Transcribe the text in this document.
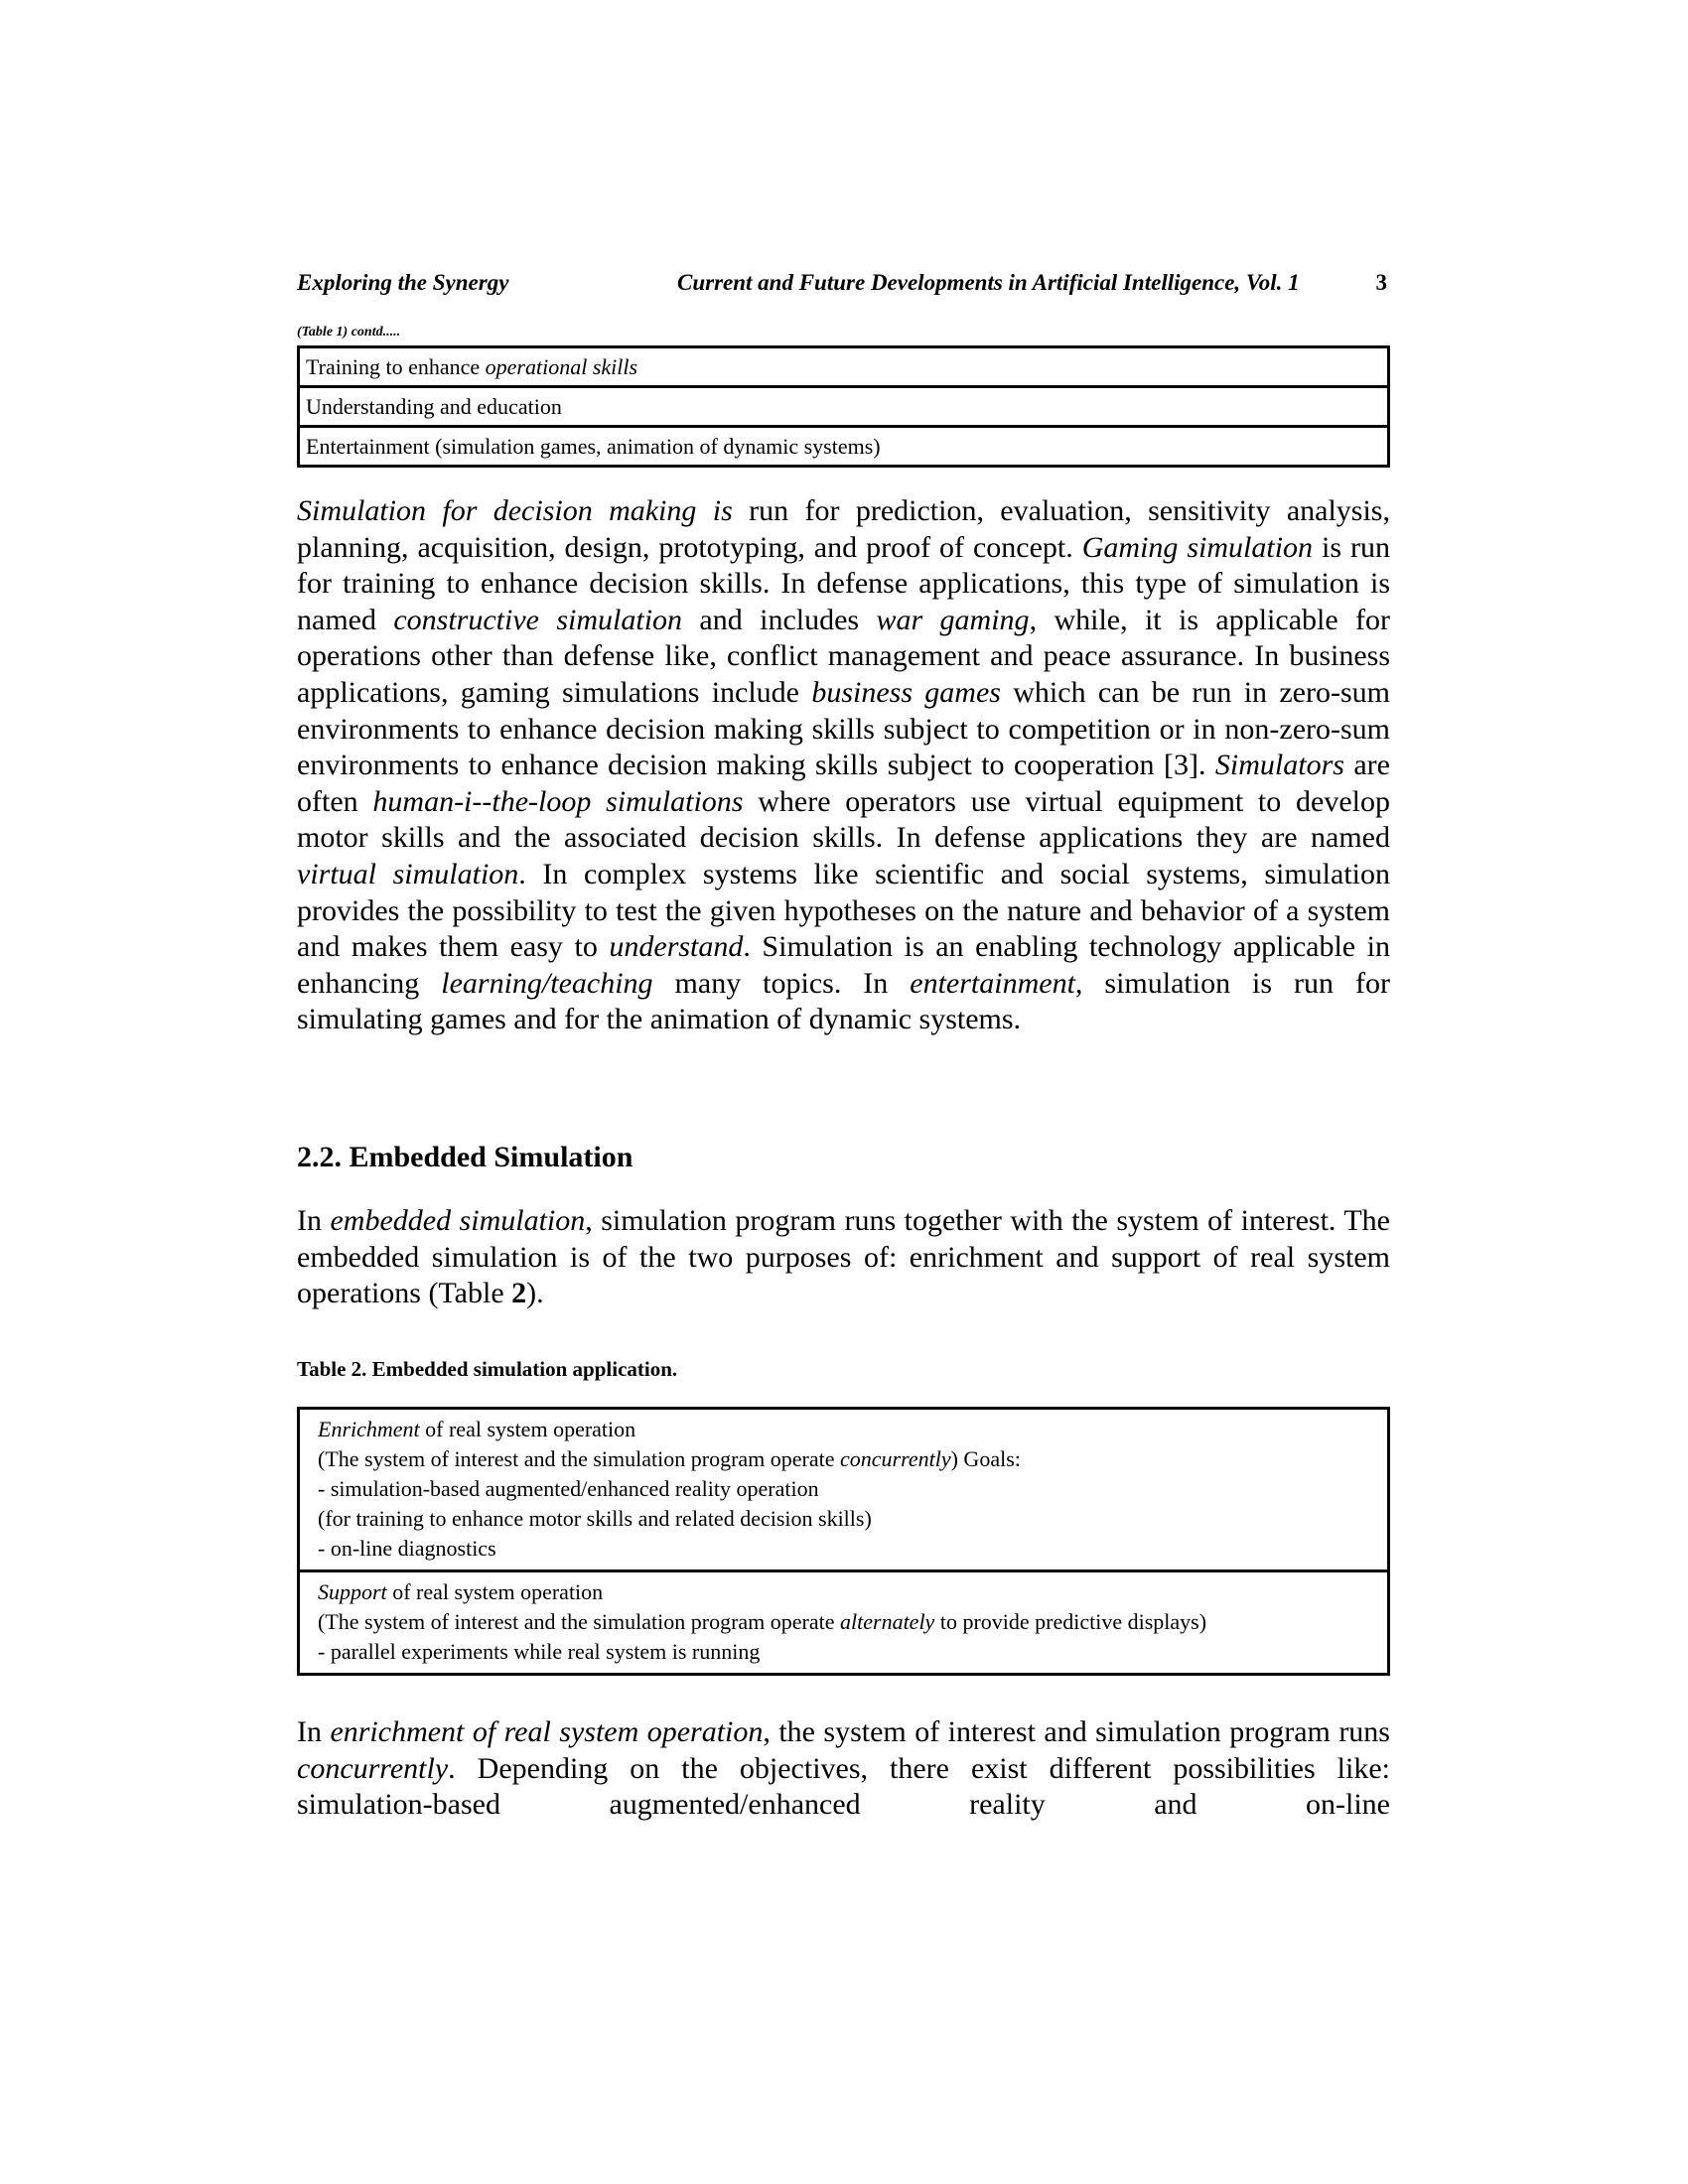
Exploring the Synergy	Current and Future Developments in Artificial Intelligence, Vol. 1	3
(Table 1) contd.....
Training to enhance operational skills
Understanding and education
Entertainment (simulation games, animation of dynamic systems)

Simulation for decision making is run for prediction, evaluation, sensitivity analysis, planning, acquisition, design, prototyping, and proof of concept. Gaming simulation is run for training to enhance decision skills. In defense applications, this type of simulation is named constructive simulation and includes war gaming, while, it is applicable for operations other than defense like, conflict management and peace assurance. In business applications, gaming simulations include business games which can be run in zero-sum environments to enhance decision making skills subject to competition or in non-zero-sum environments to enhance decision making skills subject to cooperation [3]. Simulators are often human-i--the-loop simulations where operators use virtual equipment to develop motor skills and the associated decision skills. In defense applications they are named virtual simulation. In complex systems like scientific and social systems, simulation provides the possibility to test the given hypotheses on the nature and behavior of a system and makes them easy to understand. Simulation is an enabling technology applicable in enhancing learning/teaching many topics. In entertainment, simulation is run for simulating games and for the animation of dynamic systems.

2.2. Embedded Simulation

In embedded simulation, simulation program runs together with the system of interest. The embedded simulation is of the two purposes of: enrichment and support of real system operations (Table 2).

Table 2. Embedded simulation application.

Enrichment of real system operation
(The system of interest and the simulation program operate concurrently) Goals:
- simulation-based augmented/enhanced reality operation
(for training to enhance motor skills and related decision skills)
- on-line diagnostics

Support of real system operation
(The system of interest and the simulation program operate alternately to provide predictive displays)
- parallel experiments while real system is running

In enrichment of real system operation, the system of interest and simulation program runs concurrently. Depending on the objectives, there exist different possibilities like: simulation-based augmented/enhanced reality and on-line
